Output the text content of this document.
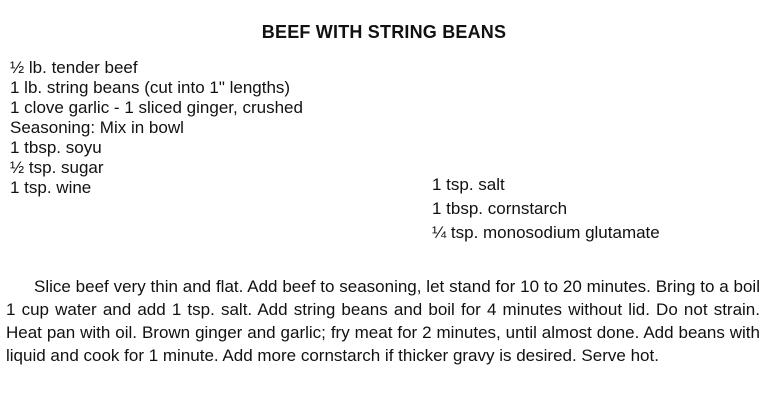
BEEF WITH STRING BEANS
½ lb. tender beef
1 lb. string beans (cut into 1" lengths)
1 clove garlic - 1 sliced ginger, crushed
Seasoning: Mix in bowl
1 tbsp. soyu
½ tsp. sugar
1 tsp. wine	1 tsp. salt
1 tbsp. cornstarch
¼ tsp. monosodium glutamate

Slice beef very thin and flat. Add beef to seasoning, let stand for 10 to 20 minutes. Bring to a boil 1 cup water and add 1 tsp. salt. Add string beans and boil for 4 minutes without lid. Do not strain. Heat pan with oil. Brown ginger and garlic; fry meat for 2 minutes, until almost done. Add beans with liquid and cook for 1 minute. Add more cornstarch if thicker gravy is desired. Serve hot.
